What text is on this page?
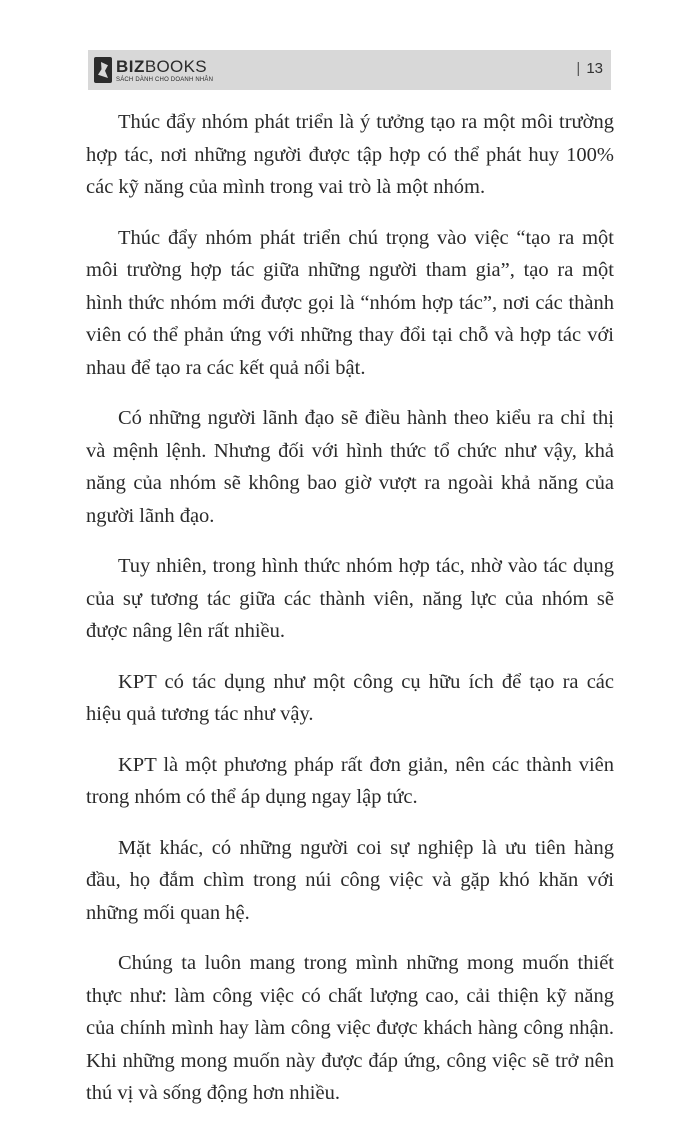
BIZBOOKS
SÁCH DÀNH CHO DOANH NHÂN
| 13

Thúc đẩy nhóm phát triển là ý tưởng tạo ra một môi trường hợp tác, nơi những người được tập hợp có thể phát huy 100% các kỹ năng của mình trong vai trò là một nhóm.

Thúc đẩy nhóm phát triển chú trọng vào việc “tạo ra một môi trường hợp tác giữa những người tham gia”, tạo ra một hình thức nhóm mới được gọi là “nhóm hợp tác”, nơi các thành viên có thể phản ứng với những thay đổi tại chỗ và hợp tác với nhau để tạo ra các kết quả nổi bật.

Có những người lãnh đạo sẽ điều hành theo kiểu ra chỉ thị và mệnh lệnh. Nhưng đối với hình thức tổ chức như vậy, khả năng của nhóm sẽ không bao giờ vượt ra ngoài khả năng của người lãnh đạo.

Tuy nhiên, trong hình thức nhóm hợp tác, nhờ vào tác dụng của sự tương tác giữa các thành viên, năng lực của nhóm sẽ được nâng lên rất nhiều.

KPT có tác dụng như một công cụ hữu ích để tạo ra các hiệu quả tương tác như vậy.

KPT là một phương pháp rất đơn giản, nên các thành viên trong nhóm có thể áp dụng ngay lập tức.

Mặt khác, có những người coi sự nghiệp là ưu tiên hàng đầu, họ đắm chìm trong núi công việc và gặp khó khăn với những mối quan hệ.

Chúng ta luôn mang trong mình những mong muốn thiết thực như: làm công việc có chất lượng cao, cải thiện kỹ năng của chính mình hay làm công việc được khách hàng công nhận. Khi những mong muốn này được đáp ứng, công việc sẽ trở nên thú vị và sống động hơn nhiều.
